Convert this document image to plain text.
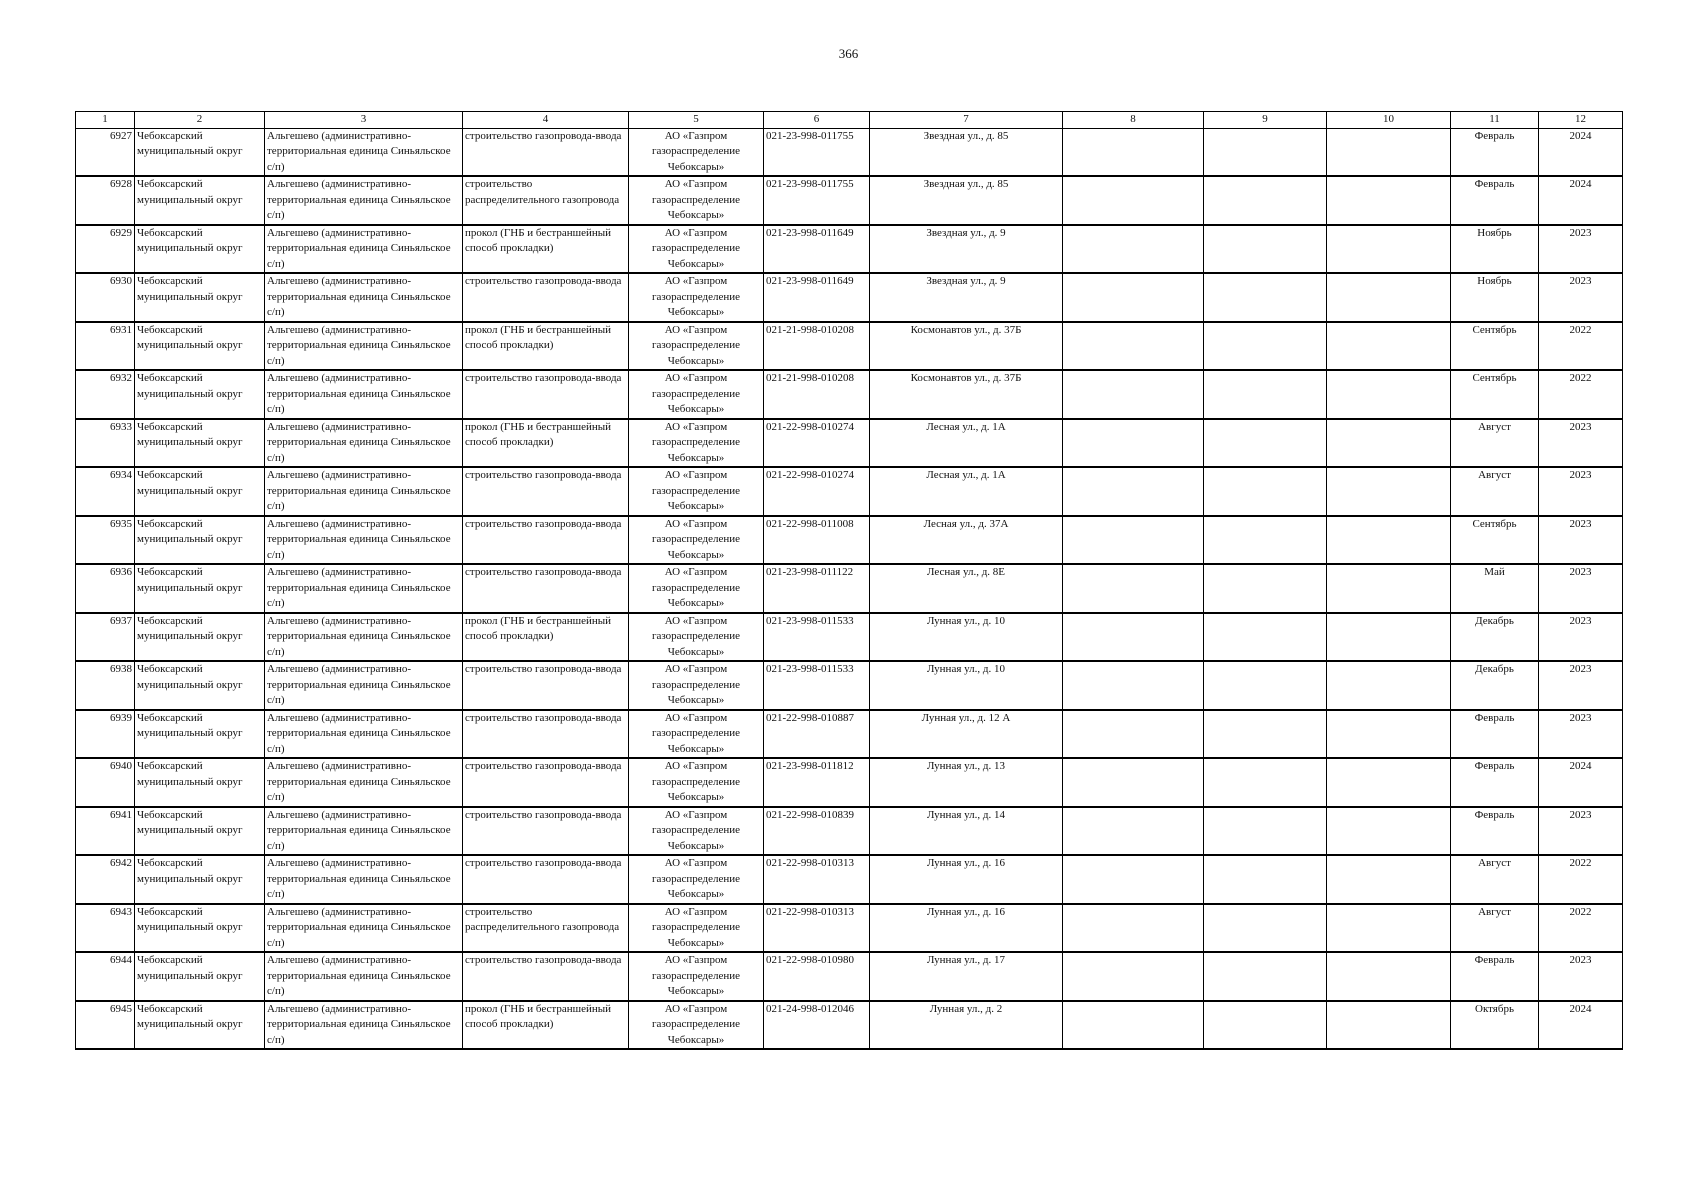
366
1	2	3	4	5	6	7	8	9	10	11	12
6927	Чебоксарский муниципальный округ	Альгешево (административно-территориальная единица Синьяльское с/п)	строительство газопровода-ввода	АО «Газпром газораспределение Чебоксары»	021-23-998-011755	Звездная ул., д. 85				Февраль	2024
6928	Чебоксарский муниципальный округ	Альгешево (административно-территориальная единица Синьяльское с/п)	строительство распределительного газопровода	АО «Газпром газораспределение Чебоксары»	021-23-998-011755	Звездная ул., д. 85				Февраль	2024
6929	Чебоксарский муниципальный округ	Альгешево (административно-территориальная единица Синьяльское с/п)	прокол (ГНБ и бестраншейный способ прокладки)	АО «Газпром газораспределение Чебоксары»	021-23-998-011649	Звездная ул., д. 9				Ноябрь	2023
6930	Чебоксарский муниципальный округ	Альгешево (административно-территориальная единица Синьяльское с/п)	строительство газопровода-ввода	АО «Газпром газораспределение Чебоксары»	021-23-998-011649	Звездная ул., д. 9				Ноябрь	2023
6931	Чебоксарский муниципальный округ	Альгешево (административно-территориальная единица Синьяльское с/п)	прокол (ГНБ и бестраншейный способ прокладки)	АО «Газпром газораспределение Чебоксары»	021-21-998-010208	Космонавтов ул., д. 37Б				Сентябрь	2022
6932	Чебоксарский муниципальный округ	Альгешево (административно-территориальная единица Синьяльское с/п)	строительство газопровода-ввода	АО «Газпром газораспределение Чебоксары»	021-21-998-010208	Космонавтов ул., д. 37Б				Сентябрь	2022
6933	Чебоксарский муниципальный округ	Альгешево (административно-территориальная единица Синьяльское с/п)	прокол (ГНБ и бестраншейный способ прокладки)	АО «Газпром газораспределение Чебоксары»	021-22-998-010274	Лесная ул., д. 1А				Август	2023
6934	Чебоксарский муниципальный округ	Альгешево (административно-территориальная единица Синьяльское с/п)	строительство газопровода-ввода	АО «Газпром газораспределение Чебоксары»	021-22-998-010274	Лесная ул., д. 1А				Август	2023
6935	Чебоксарский муниципальный округ	Альгешево (административно-территориальная единица Синьяльское с/п)	строительство газопровода-ввода	АО «Газпром газораспределение Чебоксары»	021-22-998-011008	Лесная ул., д. 37А				Сентябрь	2023
6936	Чебоксарский муниципальный округ	Альгешево (административно-территориальная единица Синьяльское с/п)	строительство газопровода-ввода	АО «Газпром газораспределение Чебоксары»	021-23-998-011122	Лесная ул., д. 8Е				Май	2023
6937	Чебоксарский муниципальный округ	Альгешево (административно-территориальная единица Синьяльское с/п)	прокол (ГНБ и бестраншейный способ прокладки)	АО «Газпром газораспределение Чебоксары»	021-23-998-011533	Лунная ул., д. 10				Декабрь	2023
6938	Чебоксарский муниципальный округ	Альгешево (административно-территориальная единица Синьяльское с/п)	строительство газопровода-ввода	АО «Газпром газораспределение Чебоксары»	021-23-998-011533	Лунная ул., д. 10				Декабрь	2023
6939	Чебоксарский муниципальный округ	Альгешево (административно-территориальная единица Синьяльское с/п)	строительство газопровода-ввода	АО «Газпром газораспределение Чебоксары»	021-22-998-010887	Лунная ул., д. 12 А				Февраль	2023
6940	Чебоксарский муниципальный округ	Альгешево (административно-территориальная единица Синьяльское с/п)	строительство газопровода-ввода	АО «Газпром газораспределение Чебоксары»	021-23-998-011812	Лунная ул., д. 13				Февраль	2024
6941	Чебоксарский муниципальный округ	Альгешево (административно-территориальная единица Синьяльское с/п)	строительство газопровода-ввода	АО «Газпром газораспределение Чебоксары»	021-22-998-010839	Лунная ул., д. 14				Февраль	2023
6942	Чебоксарский муниципальный округ	Альгешево (административно-территориальная единица Синьяльское с/п)	строительство газопровода-ввода	АО «Газпром газораспределение Чебоксары»	021-22-998-010313	Лунная ул., д. 16				Август	2022
6943	Чебоксарский муниципальный округ	Альгешево (административно-территориальная единица Синьяльское с/п)	строительство распределительного газопровода	АО «Газпром газораспределение Чебоксары»	021-22-998-010313	Лунная ул., д. 16				Август	2022
6944	Чебоксарский муниципальный округ	Альгешево (административно-территориальная единица Синьяльское с/п)	строительство газопровода-ввода	АО «Газпром газораспределение Чебоксары»	021-22-998-010980	Лунная ул., д. 17				Февраль	2023
6945	Чебоксарский муниципальный округ	Альгешево (административно-территориальная единица Синьяльское с/п)	прокол (ГНБ и бестраншейный способ прокладки)	АО «Газпром газораспределение Чебоксары»	021-24-998-012046	Лунная ул., д. 2				Октябрь	2024
